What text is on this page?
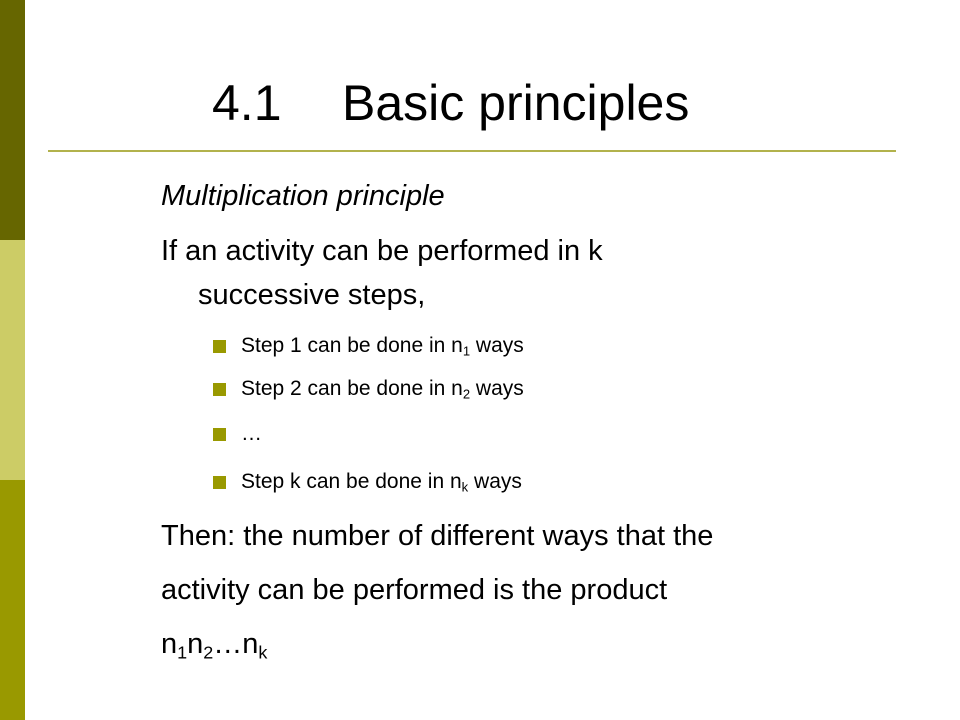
4.1 Basic principles
Multiplication principle
If an activity can be performed in k
successive steps,
Step 1 can be done in $n_1$ ways
Step 2 can be done in $n_2$ ways
…
Step k can be done in $n_k$ ways
Then: the number of different ways that the
activity can be performed is the product
$n_1n_2\dots n_k$
